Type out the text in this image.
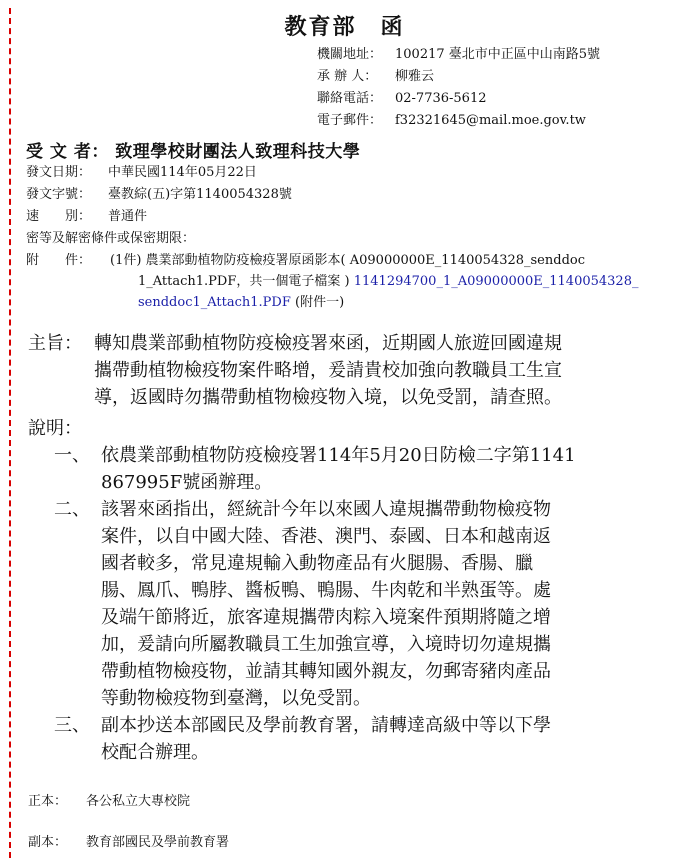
教育部 函
機關地址： 100217 臺北市中正區中山南路5號
承 辦 人： 柳雅云
聯絡電話： 02-7736-5612
電子郵件： f32321645@mail.moe.gov.tw
受 文 者： 致理學校財團法人致理科技大學
發文日期： 中華民國114年05月22日
發文字號： 臺教綜(五)字第1140054328號
速　　別： 普通件
密等及解密條件或保密期限：
附　　件：	(1件) 農業部動植物防疫檢疫署原函影本( A09000000E_1140054328_senddoc
1_Attach1.PDF，共一個電子檔案 ) 1141294700_1_A09000000E_1140054328_
senddoc1_Attach1.PDF (附件一)
主旨： 轉知農業部動植物防疫檢疫署來函，近期國人旅遊回國違規
攜帶動植物檢疫物案件略增，爰請貴校加強向教職員工生宣
導，返國時勿攜帶動植物檢疫物入境，以免受罰，請查照。
說明：
一、 依農業部動植物防疫檢疫署114年5月20日防檢二字第1141
867995F號函辦理。
二、 該署來函指出，經統計今年以來國人違規攜帶動物檢疫物
案件，以自中國大陸、香港、澳門、泰國、日本和越南返
國者較多，常見違規輸入動物產品有火腿腸、香腸、臘
腸、鳳爪、鴨脖、醬板鴨、鴨腸、牛肉乾和半熟蛋等。處
及端午節將近，旅客違規攜帶肉粽入境案件預期將隨之增
加，爰請向所屬教職員工生加強宣導，入境時切勿違規攜
帶動植物檢疫物，並請其轉知國外親友，勿郵寄豬肉產品
等動物檢疫物到臺灣，以免受罰。
三、 副本抄送本部國民及學前教育署，請轉達高級中等以下學
校配合辦理。
正本： 各公私立大專校院
副本： 教育部國民及學前教育署
